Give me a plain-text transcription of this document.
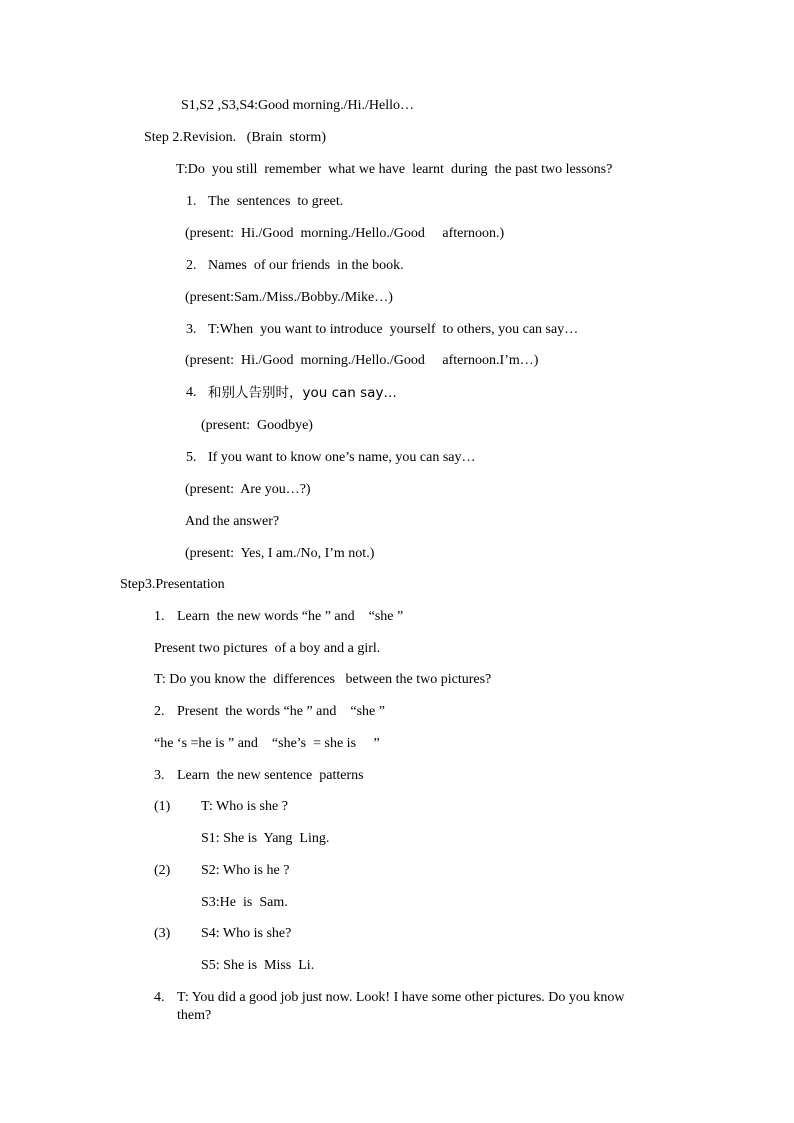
S1,S2 ,S3,S4:Good morning./Hi./Hello…
Step 2.Revision.   (Brain  storm)
T:Do  you still  remember  what we have  learnt  during  the past two lessons?
1. The  sentences  to greet.
(present:  Hi./Good  morning./Hello./Good     afternoon.)
2. Names  of our friends  in the book.
(present:Sam./Miss./Bobby./Mike…)
3. T:When  you want to introduce  yourself  to others, you can say…
(present:  Hi./Good  morning./Hello./Good     afternoon.I’m…)
4. 和别人告别时，you can say…
(present:  Goodbye)
5. If you want to know one’s name, you can say…
(present:  Are you…?)
And the answer?
(present:  Yes, I am./No, I’m not.)
Step3.Presentation
1. Learn  the new words “he ” and    “she ”
Present two pictures  of a boy and a girl.
T: Do you know the  differences   between the two pictures?
2. Present  the words “he ” and    “she ”
“he ‘s =he is ” and    “she’s  = she is     ”
3. Learn  the new sentence  patterns
(1) T: Who is she ?
S1: She is  Yang  Ling.
(2) S2: Who is he ?
S3:He  is  Sam.
(3) S4: Who is she?
S5: She is  Miss  Li.
4. T: You did a good job just now. Look! I have some other pictures. Do you know them?
